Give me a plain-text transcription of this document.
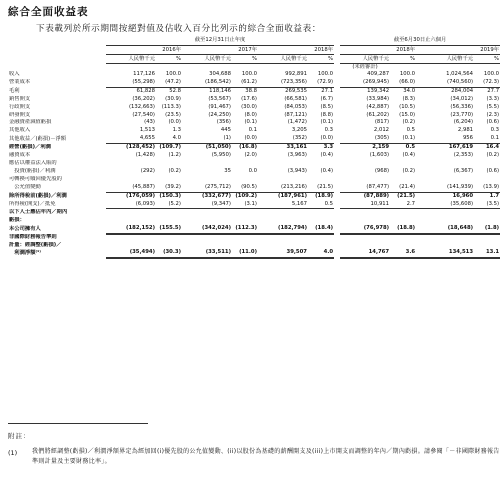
綜合全面收益表
下表載列於所示期間按絕對值及佔收入百分比列示的綜合全面收益表：
	截至12月31日止年度							截至6月30日止六個月			
	2016年		2017年		2018年			2018年		2019年	
	人民幣千元	%	人民幣千元	%	人民幣千元	%		人民幣千元	%	人民幣千元	%
								(未經審計)			
收入	117,126	100.0	304,688	100.0	992,891	100.0		409,287	100.0	1,024,564	100.0
營業成本	(55,298)	(47.2)	(186,542)	(61.2)	(723,356)	(72.9)		(269,945)	(66.0)	(740,560)	(72.3)
毛利	61,828	52.8	118,146	38.8	269,535	27.1		139,342	34.0	284,004	27.7
銷售開支	(36,202)	(30.9)	(53,567)	(17.6)	(66,581)	(6.7)		(33,984)	(8.3)	(34,012)	(3.3)
行政開支	(132,663)	(113.3)	(91,467)	(30.0)	(84,053)	(8.5)		(42,887)	(10.5)	(56,336)	(5.5)
研發開支	(27,540)	(23.5)	(24,250)	(8.0)	(87,121)	(8.8)		(61,202)	(15.0)	(23,770)	(2.3)
金融資產減值虧損	(43)	(0.0)	(356)	(0.1)	(1,472)	(0.1)		(817)	(0.2)	(6,204)	(0.6)
其他收入	1,513	1.3	445	0.1	3,205	0.3		2,012	0.5	2,981	0.3
其他收益／(虧損)－淨額	4,655	4.0	(1)	(0.0)	(352)	(0.0)		(305)	(0.1)	956	0.1
經營(虧損)／利潤	(128,452)	(109.7)	(51,050)	(16.8)	33,161	3.3		2,159	0.5	167,619	16.4
融資成本	(1,428)	(1.2)	(5,950)	(2.0)	(3,963)	(0.4)		(1,603)	(0.4)	(2,353)	(0.2)
應佔以權益法入賬的											
　投資(虧損)／利潤	(292)	(0.2)	35	0.0	(3,943)	(0.4)		(968)	(0.2)	(6,367)	(0.6)
可轉換可贖回優先股的											
　公允值變動	(45,887)	(39.2)	(275,712)	(90.5)	(213,216)	(21.5)		(87,477)	(21.4)	(141,939)	(13.9)
除所得稅前(虧損)／利潤	(176,059)	(150.3)	(332,677)	(109.2)	(187,961)	(18.9)		(87,889)	(21.5)	16,960	1.7
所得稅(開支)／抵免	(6,093)	(5.2)	(9,347)	(3.1)	5,167	0.5		10,911	2.7	(35,608)	(3.5)
以下人士應佔年內／期內											
虧損：											
本公司擁有人	(182,152)	(155.5)	(342,024)	(112.3)	(182,794)	(18.4)		(76,978)	(18.8)	(18,648)	(1.8)
非國際財務報告準則											
計量：經調整(虧損)／											
　利潤淨額⁽¹⁾	(35,494)	(30.3)	(33,511)	(11.0)	39,507	4.0		14,767	3.6	134,513	13.1
附註：
(1) 我們將經調整(虧損)／利潤淨額界定為經加回(i)優先股的公允值變動、(ii)以股份為基礎的薪酬開支及(iii)上市開支而調整的年內／期內虧損。請參閱「－非國際財務報告準則計量及主要財務比率」。
